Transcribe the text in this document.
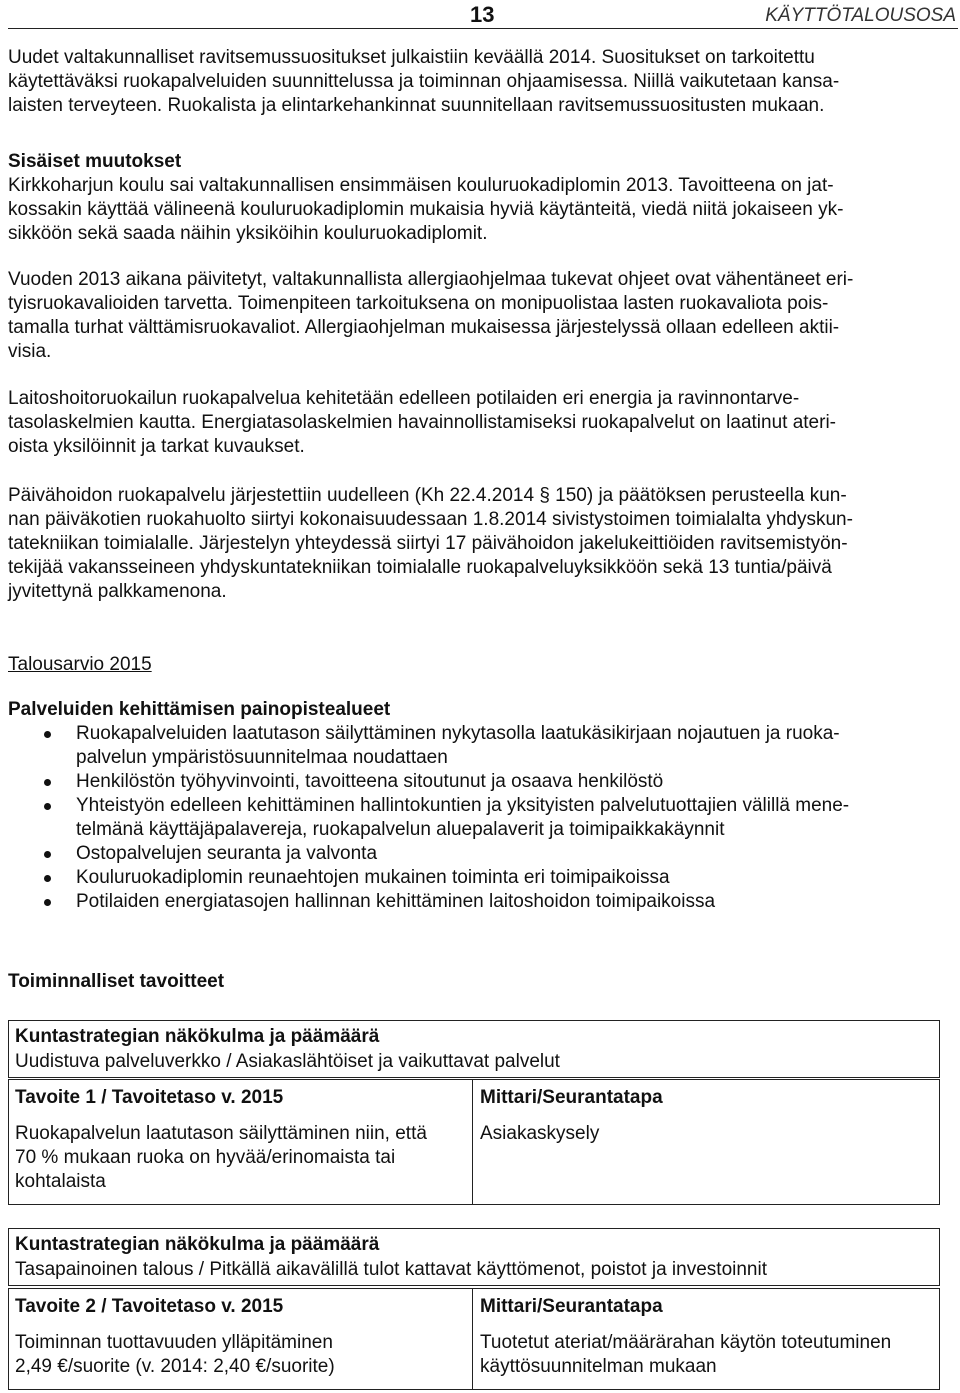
13	KÄYTTÖTALOUSOSA

Uudet valtakunnalliset ravitsemussuositukset julkaistiin keväällä 2014. Suositukset on tarkoitettu
käytettäväksi ruokapalveluiden suunnittelussa ja toiminnan ohjaamisessa. Niillä vaikutetaan kansa-
laisten terveyteen. Ruokalista ja elintarkehankinnat suunnitellaan ravitsemussuositusten mukaan.

Sisäiset muutokset

Kirkkoharjun koulu sai valtakunnallisen ensimmäisen kouluruokadiplomin 2013. Tavoitteena on jat-
kossakin käyttää välineenä kouluruokadiplomin mukaisia hyviä käytänteitä, viedä niitä jokaiseen yk-
sikköön sekä saada näihin yksiköihin kouluruokadiplomit.

Vuoden 2013 aikana päivitetyt, valtakunnallista allergiaohjelmaa tukevat ohjeet ovat vähentäneet eri-
tyisruokavalioiden tarvetta. Toimenpiteen tarkoituksena on monipuolistaa lasten ruokavaliota pois-
tamalla turhat välttämisruokavaliot. Allergiaohjelman mukaisessa järjestelyssä ollaan edelleen aktii-
visia.

Laitoshoitoruokailun ruokapalvelua kehitetään edelleen potilaiden eri energia ja ravinnontarve-
tasolaskelmien kautta. Energiatasolaskelmien havainnollistamiseksi ruokapalvelut on laatinut ateri-
oista yksilöinnit ja tarkat kuvaukset.

Päivähoidon ruokapalvelu järjestettiin uudelleen (Kh 22.4.2014 § 150) ja päätöksen perusteella kun-
nan päiväkotien ruokahuolto siirtyi kokonaisuudessaan 1.8.2014 sivistystoimen toimialalta yhdyskun-
tatekniikan toimialalle. Järjestelyn yhteydessä siirtyi 17 päivähoidon jakelukeittiöiden ravitsemistyön-
tekijää vakansseineen yhdyskuntatekniikan toimialalle ruokapalveluyksikköön sekä 13 tuntia/päivä
jyvitettynä palkkamenona.

Talousarvio 2015
Palveluiden kehittämisen painopistealueet
Ruokapalveluiden laatutason säilyttäminen nykytasolla laatukäsikirjaan nojautuen ja ruoka-
palvelun ympäristösuunnitelmaa noudattaen
Henkilöstön työhyvinvointi, tavoitteena sitoutunut ja osaava henkilöstö
Yhteistyön edelleen kehittäminen hallintokuntien ja yksityisten palvelutuottajien välillä mene-
telmänä käyttäjäpalavereja, ruokapalvelun aluepalaverit ja toimipaikkakäynnit
Ostopalvelujen seuranta ja valvonta
Kouluruokadiplomin reunaehtojen mukainen toiminta eri toimipaikoissa
Potilaiden energiatasojen hallinnan kehittäminen laitoshoidon toimipaikoissa
Toiminnalliset tavoitteet
Kuntastrategian näkökulma ja päämäärä
Uudistuva palveluverkko / Asiakaslähtöiset ja vaikuttavat palvelut
Tavoite 1 / Tavoitetaso v. 2015
Ruokapalvelun laatutason säilyttäminen niin, että
70 % mukaan ruoka on hyvää/erinomaista tai
kohtalaista
Mittari/Seurantatapa
Asiakaskysely
Kuntastrategian näkökulma ja päämäärä
Tasapainoinen talous / Pitkällä aikavälillä tulot kattavat käyttömenot, poistot ja investoinnit
Tavoite 2 / Tavoitetaso v. 2015
Toiminnan tuottavuuden ylläpitäminen
2,49 €/suorite (v. 2014: 2,40 €/suorite)
Mittari/Seurantatapa
Tuotetut ateriat/määrärahan käytön toteutuminen
käyttösuunnitelman mukaan
